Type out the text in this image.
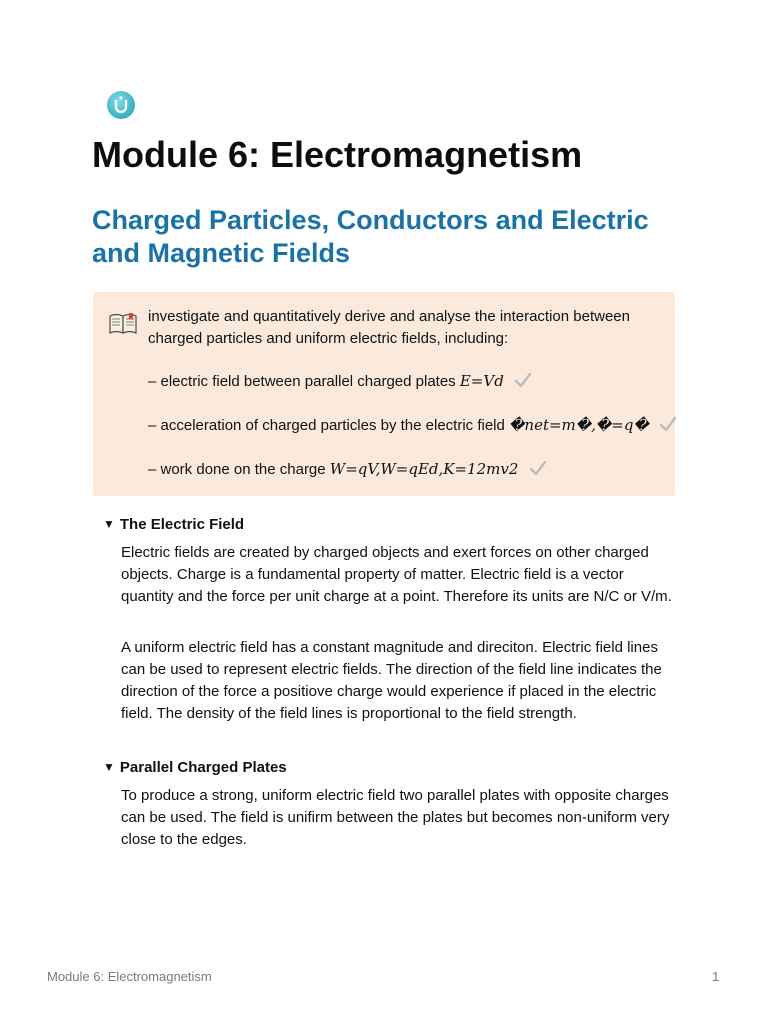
Module 6: Electromagnetism
Charged Particles, Conductors and Electric and Magnetic Fields
investigate and quantitatively derive and analyse the interaction between charged particles and uniform electric fields, including:
– electric field between parallel charged plates E=Vd
– acceleration of charged particles by the electric field �net=m�,�=q�
– work done on the charge W=qV,W=qEd,K=12mv2
▼ The Electric Field

Electric fields are created by charged objects and exert forces on other charged objects. Charge is a fundamental property of matter. Electric field is a vector quantity and the force per unit charge at a point. Therefore its units are N/C or V/m.

A uniform electric field has a constant magnitude and direciton. Electric field lines can be used to represent electric fields. The direction of the field line indicates the direction of the force a positiove charge would experience if placed in the electric field. The density of the field lines is proportional to the field strength.

▼ Parallel Charged Plates

To produce a strong, uniform electric field two parallel plates with opposite charges can be used. The field is unifirm between the plates but becomes non-uniform very close to the edges.

Module 6: Electromagnetism	1
